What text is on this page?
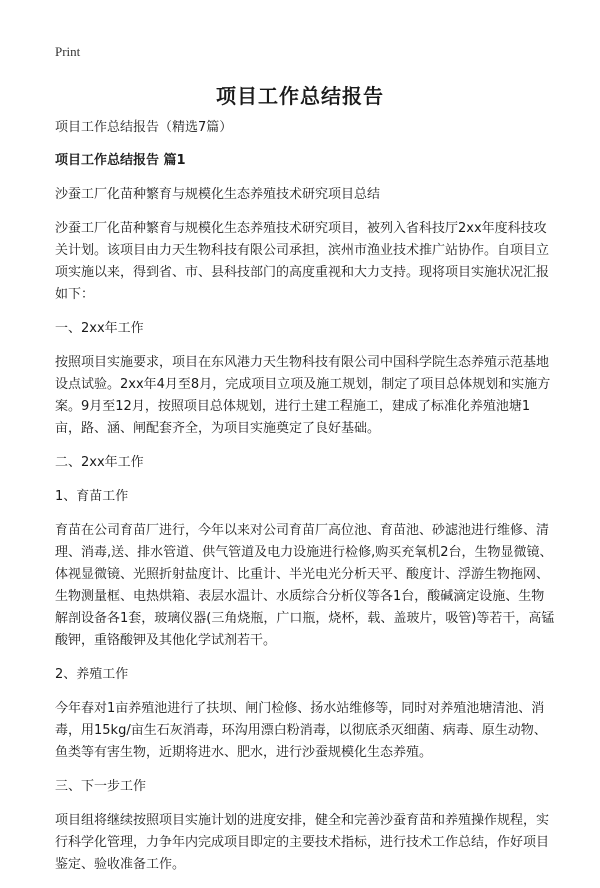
Print
项目工作总结报告

项目工作总结报告（精选7篇）

项目工作总结报告 篇1

沙蚕工厂化苗种繁育与规模化生态养殖技术研究项目总结

沙蚕工厂化苗种繁育与规模化生态养殖技术研究项目，被列入省科技厅2xx年度科技攻关计划。该项目由力天生物科技有限公司承担，滨州市渔业技术推广站协作。自项目立项实施以来，得到省、市、县科技部门的高度重视和大力支持。现将项目实施状况汇报如下：

一、2xx年工作

按照项目实施要求，项目在东风港力天生物科技有限公司中国科学院生态养殖示范基地设点试验。2xx年4月至8月，完成项目立项及施工规划，制定了项目总体规划和实施方案。9月至12月，按照项目总体规划，进行土建工程施工，建成了标准化养殖池塘1亩，路、涵、闸配套齐全，为项目实施奠定了良好基础。

二、2xx年工作

1、育苗工作

育苗在公司育苗厂进行，今年以来对公司育苗厂高位池、育苗池、砂滤池进行维修、清理、消毒,送、排水管道、供气管道及电力设施进行检修,购买充氧机2台，生物显微镜、体视显微镜、光照折射盐度计、比重计、半光电光分析天平、酸度计、浮游生物拖网、生物测量框、电热烘箱、表层水温计、水质综合分析仪等各1台，酸碱滴定设施、生物解剖设备各1套，玻璃仪器(三角烧瓶，广口瓶，烧杯，载、盖玻片，吸管)等若干，高锰酸钾，重铬酸钾及其他化学试剂若干。

2、养殖工作

今年春对1亩养殖池进行了扶坝、闸门检修、扬水站维修等，同时对养殖池塘清池、消毒，用15kg/亩生石灰消毒，环沟用漂白粉消毒，以彻底杀灭细菌、病毒、原生动物、鱼类等有害生物，近期将进水、肥水，进行沙蚕规模化生态养殖。

三、下一步工作

项目组将继续按照项目实施计划的进度安排，健全和完善沙蚕育苗和养殖操作规程，实行科学化管理，力争年内完成项目即定的主要技术指标，进行技术工作总结，作好项目鉴定、验收准备工作。
